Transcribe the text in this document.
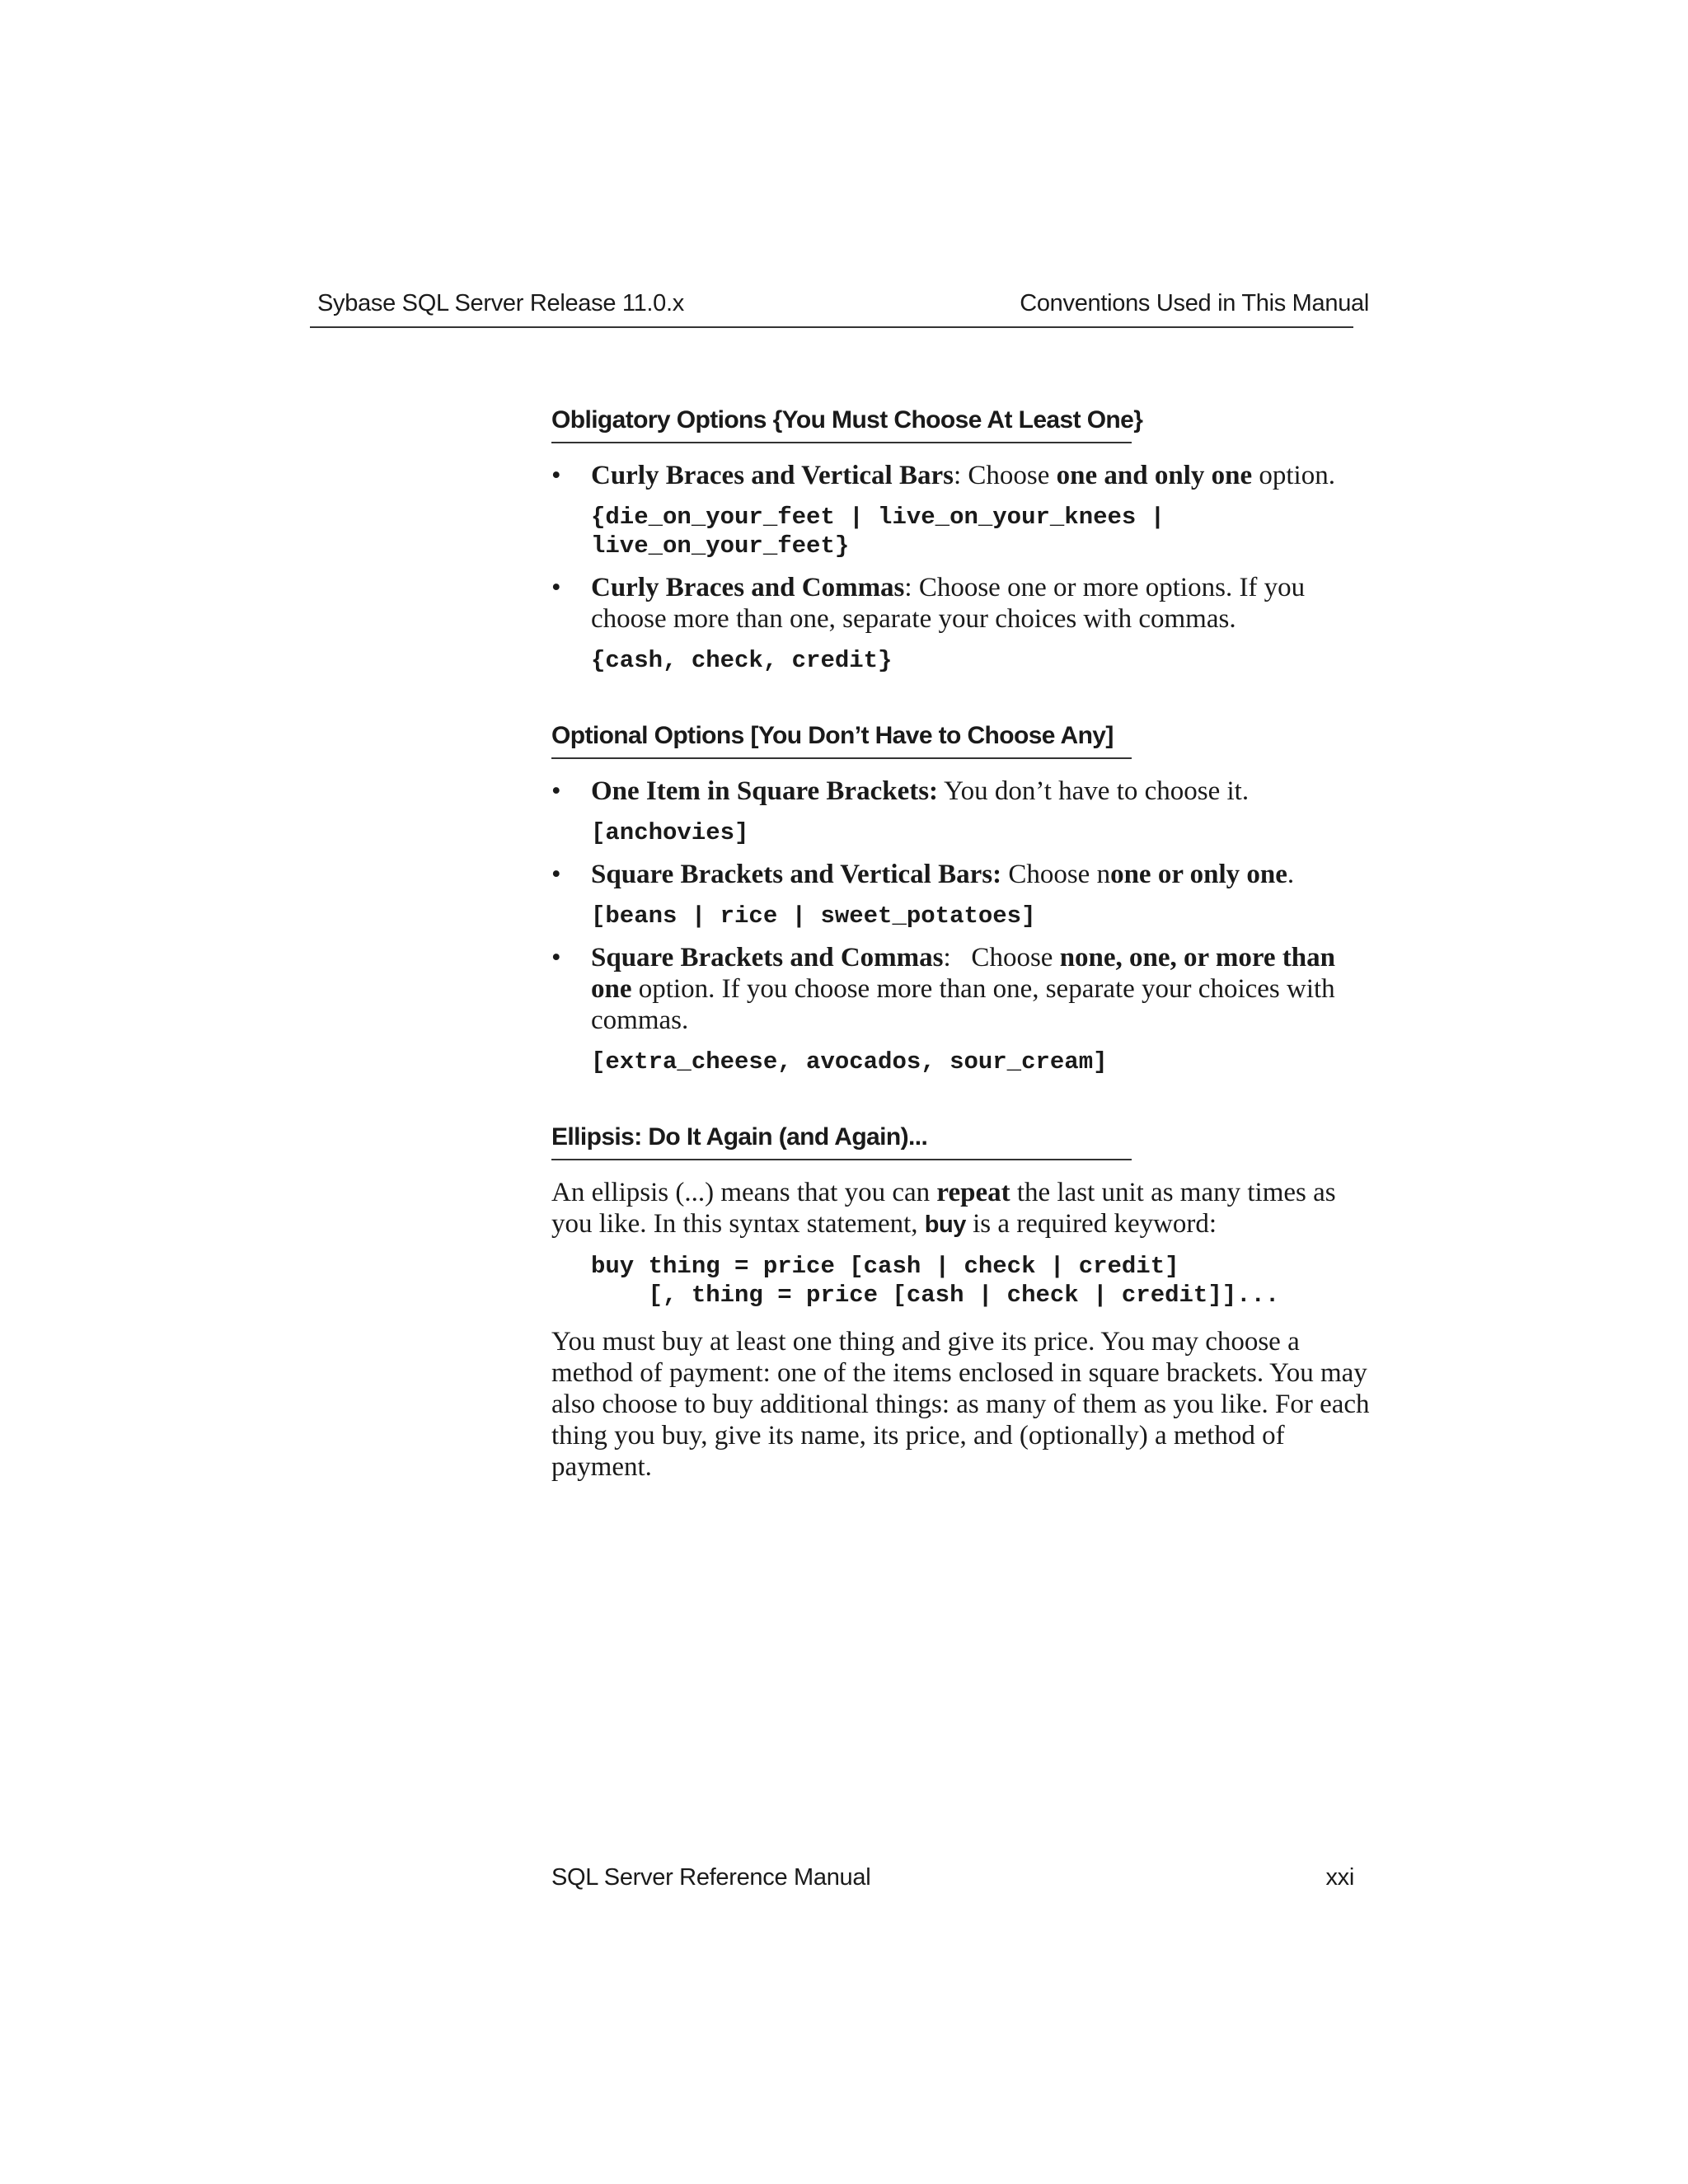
Sybase SQL Server Release 11.0.x	Conventions Used in This Manual
Obligatory Options {You Must Choose At Least One}
• Curly Braces and Vertical Bars: Choose one and only one option.
{die_on_your_feet | live_on_your_knees |
live_on_your_feet}
• Curly Braces and Commas: Choose one or more options. If you choose more than one, separate your choices with commas.
{cash, check, credit}
Optional Options [You Don’t Have to Choose Any]
• One Item in Square Brackets: You don’t have to choose it.
[anchovies]
• Square Brackets and Vertical Bars: Choose none or only one.
[beans | rice | sweet_potatoes]
• Square Brackets and Commas:   Choose none, one, or more than one option. If you choose more than one, separate your choices with commas.
[extra_cheese, avocados, sour_cream]
Ellipsis: Do It Again (and Again)...
An ellipsis (...) means that you can repeat the last unit as many times as you like. In this syntax statement, buy is a required keyword:
buy thing = price [cash | check | credit]
[, thing = price [cash | check | credit]]...
You must buy at least one thing and give its price. You may choose a method of payment: one of the items enclosed in square brackets. You may also choose to buy additional things: as many of them as you like. For each thing you buy, give its name, its price, and (optionally) a method of payment.
SQL Server Reference Manual	xxi
